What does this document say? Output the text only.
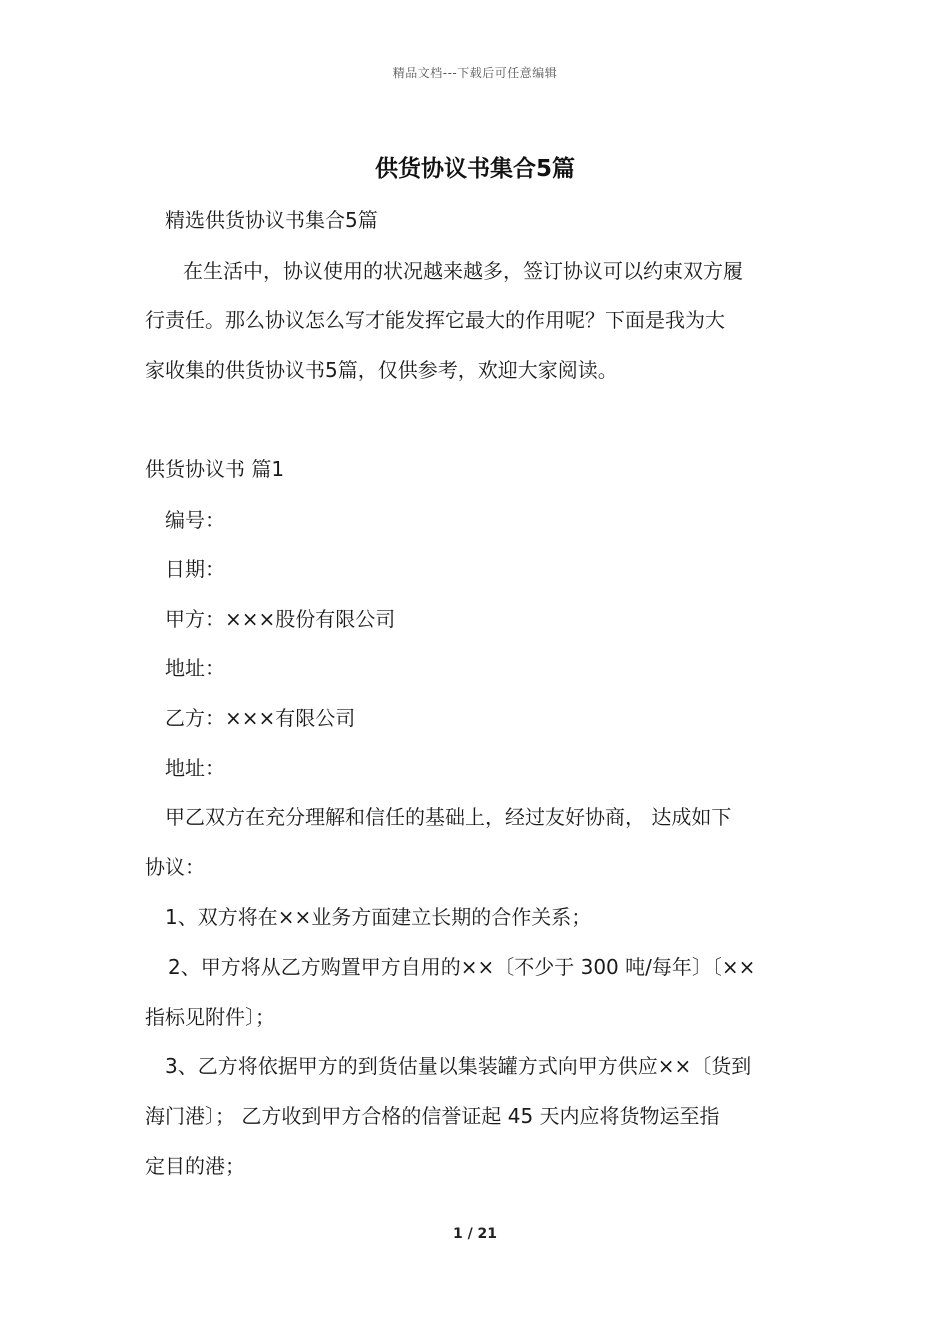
精品文档---下载后可任意编辑
供货协议书集合5篇
精选供货协议书集合5篇
在生活中，协议使用的状况越来越多，签订协议可以约束双方履
行责任。那么协议怎么写才能发挥它最大的作用呢？下面是我为大
家收集的供货协议书5篇，仅供参考，欢迎大家阅读。
供货协议书 篇1
编号：
日期：
甲方：×××股份有限公司
地址：
乙方：×××有限公司
地址：
甲乙双方在充分理解和信任的基础上，经过友好协商， 达成如下
协议：
1、双方将在××业务方面建立长期的合作关系；
2、甲方将从乙方购置甲方自用的××〔不少于 300 吨/每年〕〔××
指标见附件〕；
3、乙方将依据甲方的到货估量以集装罐方式向甲方供应××〔货到
海门港〕； 乙方收到甲方合格的信誉证起 45 天内应将货物运至指
定目的港；
1 / 21
